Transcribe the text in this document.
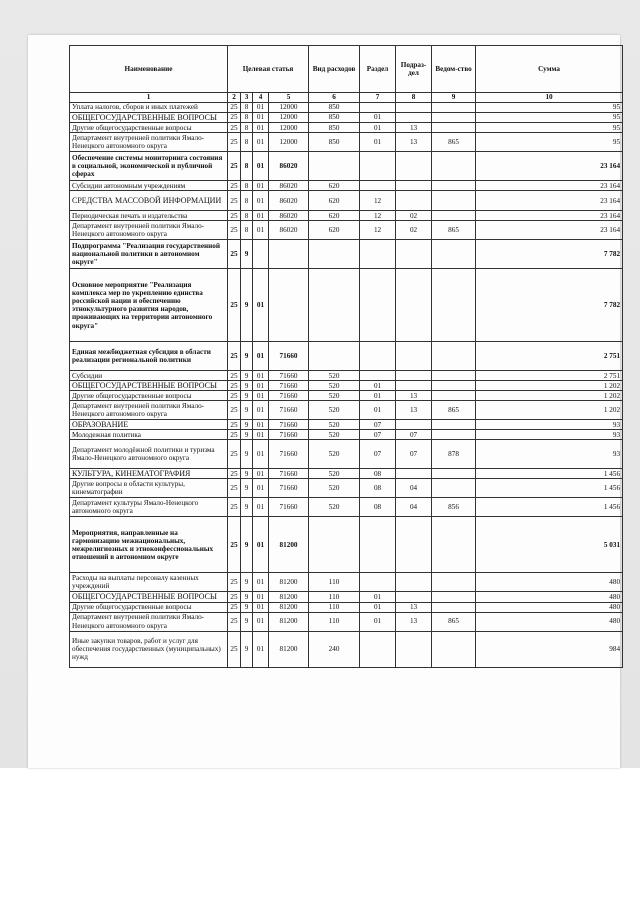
Наименование	Целевая статья				Вид расходов	Раздел	Подраз-дел	Ведом-ство	Сумма
1	2	3	4	5	6	7	8	9	10
Уплата налогов, сборов и иных платежей	25	8	01	12000	850				95
ОБЩЕГОСУДАРСТВЕННЫЕ ВОПРОСЫ	25	8	01	12000	850	01			95
Другие общегосударственные вопросы	25	8	01	12000	850	01	13		95
Департамент внутренней политики Ямало-Ненецкого автономного округа	25	8	01	12000	850	01	13	865	95
Обеспечение системы мониторинга состояния в социальной, экономической и публичной сферах	25	8	01	86020					23 164
Субсидии автономным учреждениям	25	8	01	86020	620				23 164
СРЕДСТВА МАССОВОЙ ИНФОРМАЦИИ	25	8	01	86020	620	12			23 164
Периодическая печать и издательства	25	8	01	86020	620	12	02		23 164
Департамент внутренней политики Ямало-Ненецкого автономного округа	25	8	01	86020	620	12	02	865	23 164
Подпрограмма "Реализация государственной национальной политики в автономном округе"	25	9							7 782
Основное мероприятие "Реализация комплекса мер по укреплению единства российской нации и обеспечению этнокультурного развития народов, проживающих на территории автономного округа"	25	9	01						7 782
Единая межбюджетная субсидия в области реализации региональной политики	25	9	01	71660					2 751
Субсидии	25	9	01	71660	520				2 751
ОБЩЕГОСУДАРСТВЕННЫЕ ВОПРОСЫ	25	9	01	71660	520	01			1 202
Другие общегосударственные вопросы	25	9	01	71660	520	01	13		1 202
Департамент внутренней политики Ямало-Ненецкого автономного округа	25	9	01	71660	520	01	13	865	1 202
ОБРАЗОВАНИЕ	25	9	01	71660	520	07			93
Молодежная политика	25	9	01	71660	520	07	07		93
Департамент молодёжной политики и туризма Ямало-Ненецкого автономного округа	25	9	01	71660	520	07	07	878	93
КУЛЬТУРА, КИНЕМАТОГРАФИЯ	25	9	01	71660	520	08			1 456
Другие вопросы в области культуры, кинематографии	25	9	01	71660	520	08	04		1 456
Департамент культуры Ямало-Ненецкого автономного округа	25	9	01	71660	520	08	04	856	1 456
Мероприятия, направленные на гармонизацию межнациональных, межрелигиозных и этноконфессиональных отношений в автономном округе	25	9	01	81200					5 031
Расходы на выплаты персоналу казенных учреждений	25	9	01	81200	110				480
ОБЩЕГОСУДАРСТВЕННЫЕ ВОПРОСЫ	25	9	01	81200	110	01			480
Другие общегосударственные вопросы	25	9	01	81200	110	01	13		480
Департамент внутренней политики Ямало-Ненецкого автономного округа	25	9	01	81200	110	01	13	865	480
Иные закупки товаров, работ и услуг для обеспечения государственных (муниципальных) нужд	25	9	01	81200	240				984
